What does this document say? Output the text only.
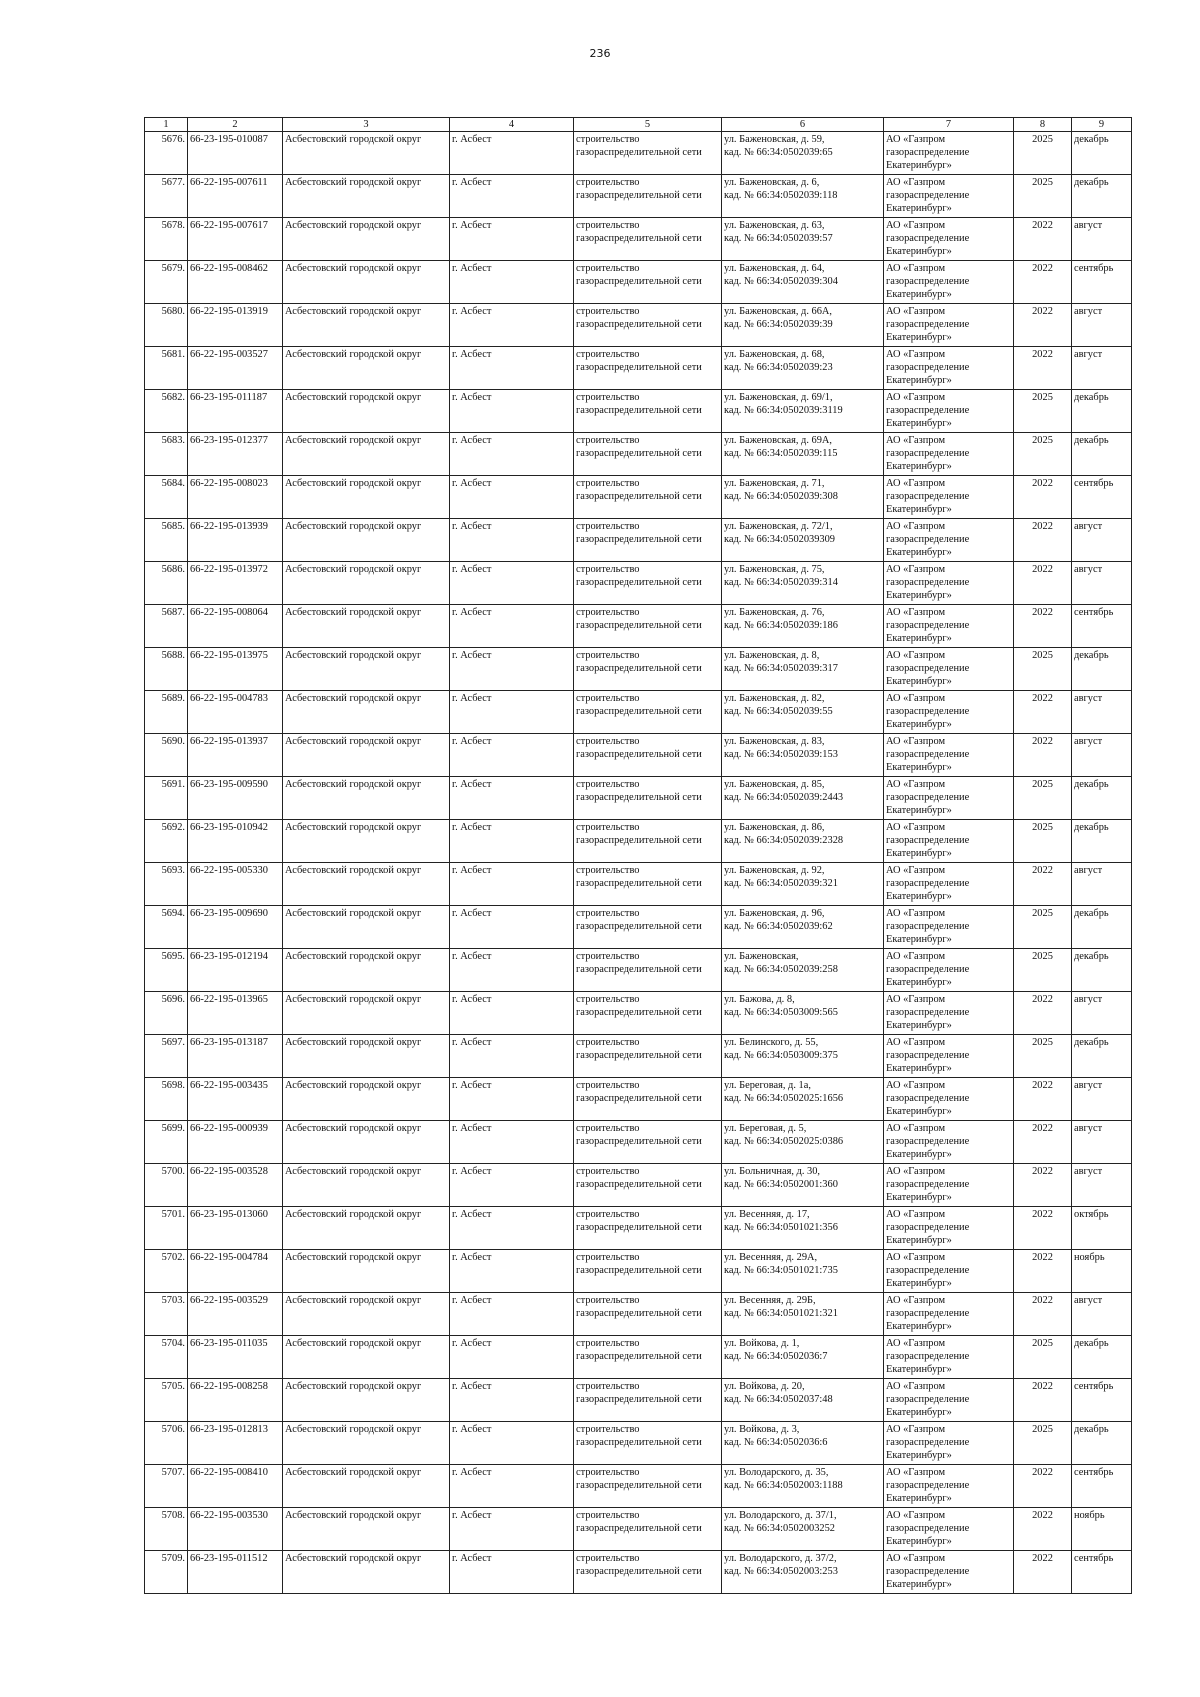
236
1	2	3	4	5	6	7	8	9

5676.	66-23-195-010087	Асбестовский городской округ	г. Асбест	строительство
газораспределительной сети	ул. Баженовская, д. 59,
кад. № 66:34:0502039:65	АО «Газпром
газораспределение
Екатеринбург»	2025	декабрь

5677.	66-22-195-007611	Асбестовский городской округ	г. Асбест	строительство
газораспределительной сети	ул. Баженовская, д. 6,
кад. № 66:34:0502039:118	АО «Газпром
газораспределение
Екатеринбург»	2025	декабрь

5678.	66-22-195-007617	Асбестовский городской округ	г. Асбест	строительство
газораспределительной сети	ул. Баженовская, д. 63,
кад. № 66:34:0502039:57	АО «Газпром
газораспределение
Екатеринбург»	2022	август

5679.	66-22-195-008462	Асбестовский городской округ	г. Асбест	строительство
газораспределительной сети	ул. Баженовская, д. 64,
кад. № 66:34:0502039:304	АО «Газпром
газораспределение
Екатеринбург»	2022	сентябрь

5680.	66-22-195-013919	Асбестовский городской округ	г. Асбест	строительство
газораспределительной сети	ул. Баженовская, д. 66А,
кад. № 66:34:0502039:39	АО «Газпром
газораспределение
Екатеринбург»	2022	август

5681.	66-22-195-003527	Асбестовский городской округ	г. Асбест	строительство
газораспределительной сети	ул. Баженовская, д. 68,
кад. № 66:34:0502039:23	АО «Газпром
газораспределение
Екатеринбург»	2022	август

5682.	66-23-195-011187	Асбестовский городской округ	г. Асбест	строительство
газораспределительной сети	ул. Баженовская, д. 69/1,
кад. № 66:34:0502039:3119	АО «Газпром
газораспределение
Екатеринбург»	2025	декабрь

5683.	66-23-195-012377	Асбестовский городской округ	г. Асбест	строительство
газораспределительной сети	ул. Баженовская, д. 69А,
кад. № 66:34:0502039:115	АО «Газпром
газораспределение
Екатеринбург»	2025	декабрь

5684.	66-22-195-008023	Асбестовский городской округ	г. Асбест	строительство
газораспределительной сети	ул. Баженовская, д. 71,
кад. № 66:34:0502039:308	АО «Газпром
газораспределение
Екатеринбург»	2022	сентябрь

5685.	66-22-195-013939	Асбестовский городской округ	г. Асбест	строительство
газораспределительной сети	ул. Баженовская, д. 72/1,
кад. № 66:34:0502039309	АО «Газпром
газораспределение
Екатеринбург»	2022	август

5686.	66-22-195-013972	Асбестовский городской округ	г. Асбест	строительство
газораспределительной сети	ул. Баженовская, д. 75,
кад. № 66:34:0502039:314	АО «Газпром
газораспределение
Екатеринбург»	2022	август

5687.	66-22-195-008064	Асбестовский городской округ	г. Асбест	строительство
газораспределительной сети	ул. Баженовская, д. 76,
кад. № 66:34:0502039:186	АО «Газпром
газораспределение
Екатеринбург»	2022	сентябрь

5688.	66-22-195-013975	Асбестовский городской округ	г. Асбест	строительство
газораспределительной сети	ул. Баженовская, д. 8,
кад. № 66:34:0502039:317	АО «Газпром
газораспределение
Екатеринбург»	2025	декабрь

5689.	66-22-195-004783	Асбестовский городской округ	г. Асбест	строительство
газораспределительной сети	ул. Баженовская, д. 82,
кад. № 66:34:0502039:55	АО «Газпром
газораспределение
Екатеринбург»	2022	август

5690.	66-22-195-013937	Асбестовский городской округ	г. Асбест	строительство
газораспределительной сети	ул. Баженовская, д. 83,
кад. № 66:34:0502039:153	АО «Газпром
газораспределение
Екатеринбург»	2022	август

5691.	66-23-195-009590	Асбестовский городской округ	г. Асбест	строительство
газораспределительной сети	ул. Баженовская, д. 85,
кад. № 66:34:0502039:2443	АО «Газпром
газораспределение
Екатеринбург»	2025	декабрь

5692.	66-23-195-010942	Асбестовский городской округ	г. Асбест	строительство
газораспределительной сети	ул. Баженовская, д. 86,
кад. № 66:34:0502039:2328	АО «Газпром
газораспределение
Екатеринбург»	2025	декабрь

5693.	66-22-195-005330	Асбестовский городской округ	г. Асбест	строительство
газораспределительной сети	ул. Баженовская, д. 92,
кад. № 66:34:0502039:321	АО «Газпром
газораспределение
Екатеринбург»	2022	август

5694.	66-23-195-009690	Асбестовский городской округ	г. Асбест	строительство
газораспределительной сети	ул. Баженовская, д. 96,
кад. № 66:34:0502039:62	АО «Газпром
газораспределение
Екатеринбург»	2025	декабрь

5695.	66-23-195-012194	Асбестовский городской округ	г. Асбест	строительство
газораспределительной сети	ул. Баженовская,
кад. № 66:34:0502039:258	АО «Газпром
газораспределение
Екатеринбург»	2025	декабрь

5696.	66-22-195-013965	Асбестовский городской округ	г. Асбест	строительство
газораспределительной сети	ул. Бажова, д. 8,
кад. № 66:34:0503009:565	АО «Газпром
газораспределение
Екатеринбург»	2022	август

5697.	66-23-195-013187	Асбестовский городской округ	г. Асбест	строительство
газораспределительной сети	ул. Белинского, д. 55,
кад. № 66:34:0503009:375	АО «Газпром
газораспределение
Екатеринбург»	2025	декабрь

5698.	66-22-195-003435	Асбестовский городской округ	г. Асбест	строительство
газораспределительной сети	ул. Береговая, д. 1а,
кад. № 66:34:0502025:1656	АО «Газпром
газораспределение
Екатеринбург»	2022	август

5699.	66-22-195-000939	Асбестовский городской округ	г. Асбест	строительство
газораспределительной сети	ул. Береговая, д. 5,
кад. № 66:34:0502025:0386	АО «Газпром
газораспределение
Екатеринбург»	2022	август

5700.	66-22-195-003528	Асбестовский городской округ	г. Асбест	строительство
газораспределительной сети	ул. Больничная, д. 30,
кад. № 66:34:0502001:360	АО «Газпром
газораспределение
Екатеринбург»	2022	август

5701.	66-23-195-013060	Асбестовский городской округ	г. Асбест	строительство
газораспределительной сети	ул. Весенняя, д. 17,
кад. № 66:34:0501021:356	АО «Газпром
газораспределение
Екатеринбург»	2022	октябрь

5702.	66-22-195-004784	Асбестовский городской округ	г. Асбест	строительство
газораспределительной сети	ул. Весенняя, д. 29А,
кад. № 66:34:0501021:735	АО «Газпром
газораспределение
Екатеринбург»	2022	ноябрь

5703.	66-22-195-003529	Асбестовский городской округ	г. Асбест	строительство
газораспределительной сети	ул. Весенняя, д. 29Б,
кад. № 66:34:0501021:321	АО «Газпром
газораспределение
Екатеринбург»	2022	август

5704.	66-23-195-011035	Асбестовский городской округ	г. Асбест	строительство
газораспределительной сети	ул. Войкова, д. 1,
кад. № 66:34:0502036:7	АО «Газпром
газораспределение
Екатеринбург»	2025	декабрь

5705.	66-22-195-008258	Асбестовский городской округ	г. Асбест	строительство
газораспределительной сети	ул. Войкова, д. 20,
кад. № 66:34:0502037:48	АО «Газпром
газораспределение
Екатеринбург»	2022	сентябрь

5706.	66-23-195-012813	Асбестовский городской округ	г. Асбест	строительство
газораспределительной сети	ул. Войкова, д. 3,
кад. № 66:34:0502036:6	АО «Газпром
газораспределение
Екатеринбург»	2025	декабрь

5707.	66-22-195-008410	Асбестовский городской округ	г. Асбест	строительство
газораспределительной сети	ул. Володарского, д. 35,
кад. № 66:34:0502003:1188	АО «Газпром
газораспределение
Екатеринбург»	2022	сентябрь

5708.	66-22-195-003530	Асбестовский городской округ	г. Асбест	строительство
газораспределительной сети	ул. Володарского, д. 37/1,
кад. № 66:34:0502003252	АО «Газпром
газораспределение
Екатеринбург»	2022	ноябрь

5709.	66-23-195-011512	Асбестовский городской округ	г. Асбест	строительство
газораспределительной сети	ул. Володарского, д. 37/2,
кад. № 66:34:0502003:253	АО «Газпром
газораспределение
Екатеринбург»	2022	сентябрь
